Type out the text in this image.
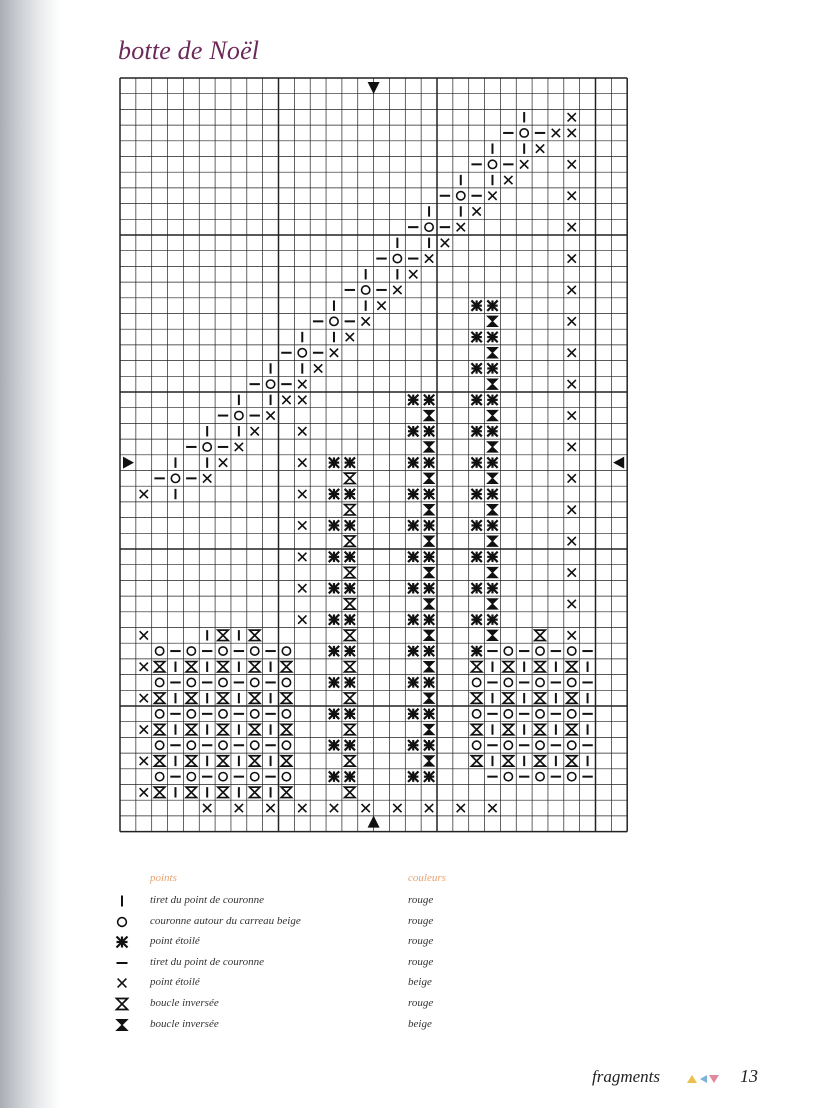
botte de Noël
points	couleurs
tiret du point de couronne	rouge
couronne autour du carreau beige	rouge
point étoilé	rouge
tiret du point de couronne	rouge
point étoilé	beige
boucle inversée	rouge
boucle inversée	beige
fragments	13
